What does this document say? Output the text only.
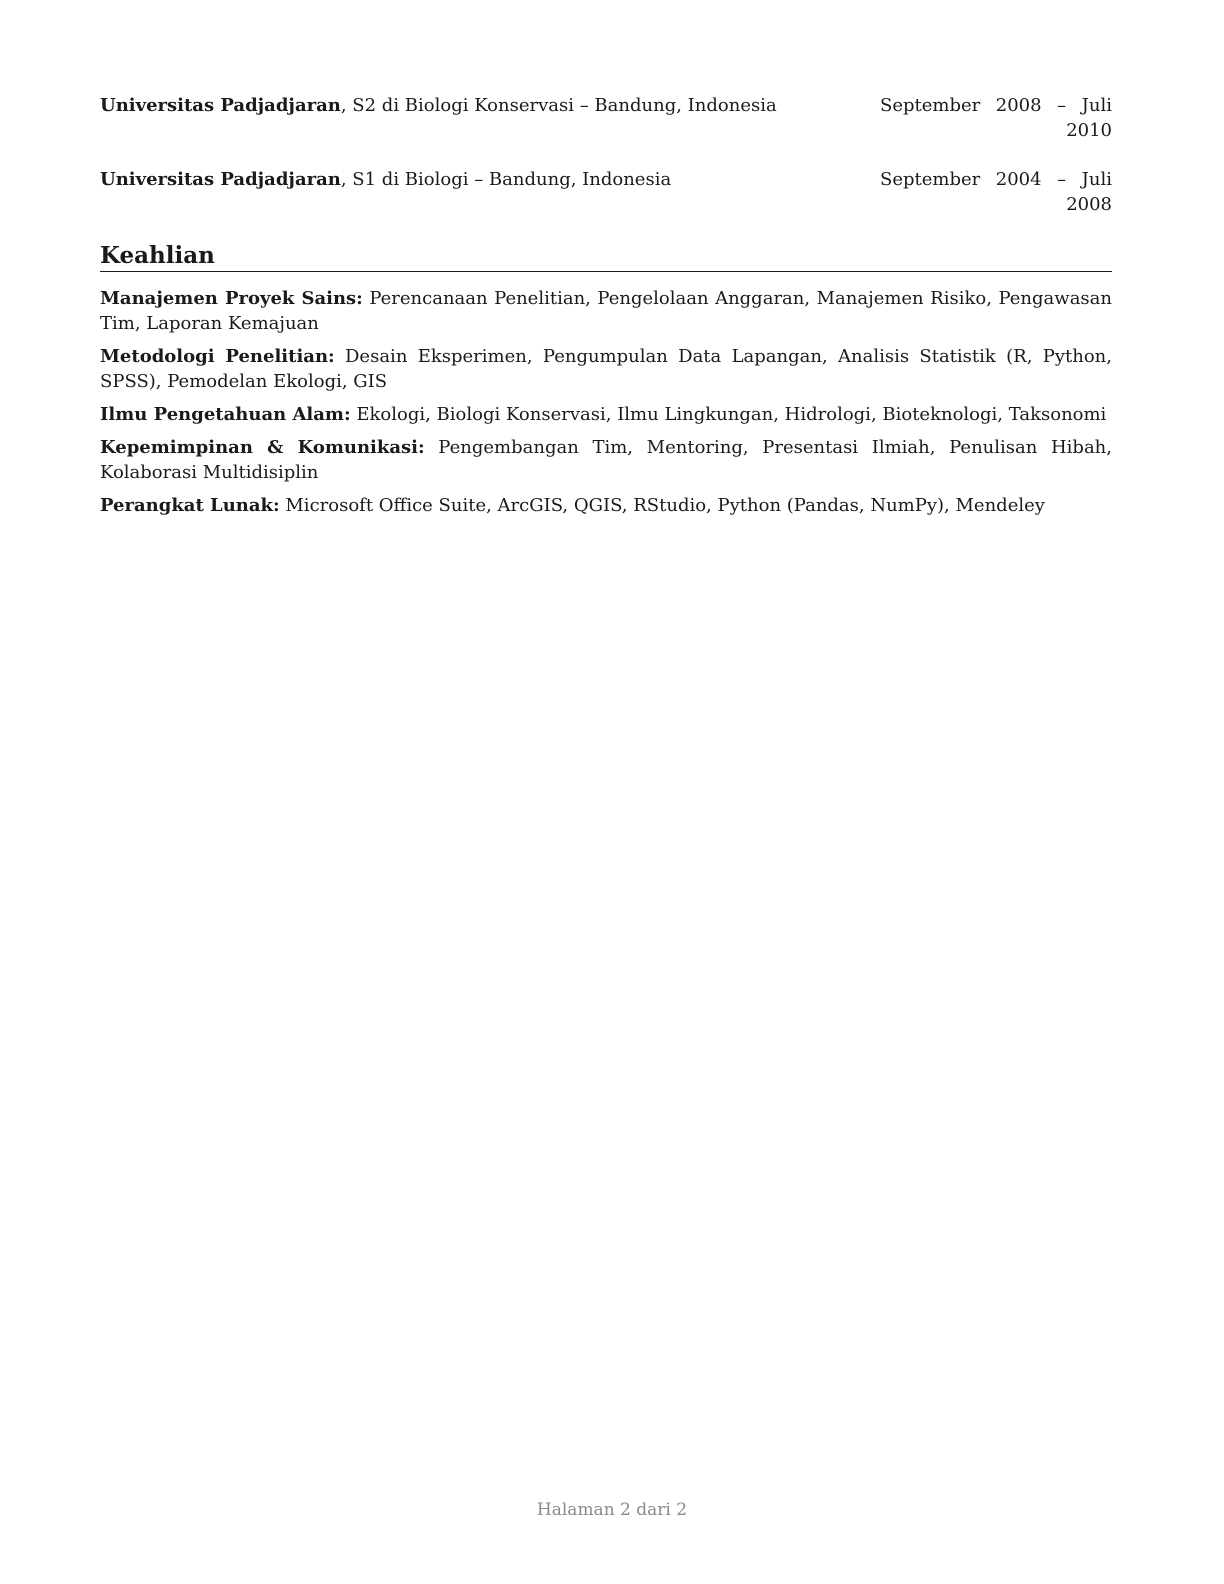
Universitas Padjadjaran, S2 di Biologi Konservasi – Bandung, Indonesia	September 2008 – Juli 2010
Universitas Padjadjaran, S1 di Biologi – Bandung, Indonesia	September 2004 – Juli 2008
Keahlian
Manajemen Proyek Sains: Perencanaan Penelitian, Pengelolaan Anggaran, Manajemen Risiko, Pengawasan Tim, Laporan Kemajuan
Metodologi Penelitian: Desain Eksperimen, Pengumpulan Data Lapangan, Analisis Statistik (R, Python, SPSS), Pemodelan Ekologi, GIS
Ilmu Pengetahuan Alam: Ekologi, Biologi Konservasi, Ilmu Lingkungan, Hidrologi, Bioteknologi, Taksonomi
Kepemimpinan & Komunikasi: Pengembangan Tim, Mentoring, Presentasi Ilmiah, Penulisan Hibah, Kolaborasi Multidisiplin
Perangkat Lunak: Microsoft Office Suite, ArcGIS, QGIS, RStudio, Python (Pandas, NumPy), Mendeley
Halaman 2 dari 2
